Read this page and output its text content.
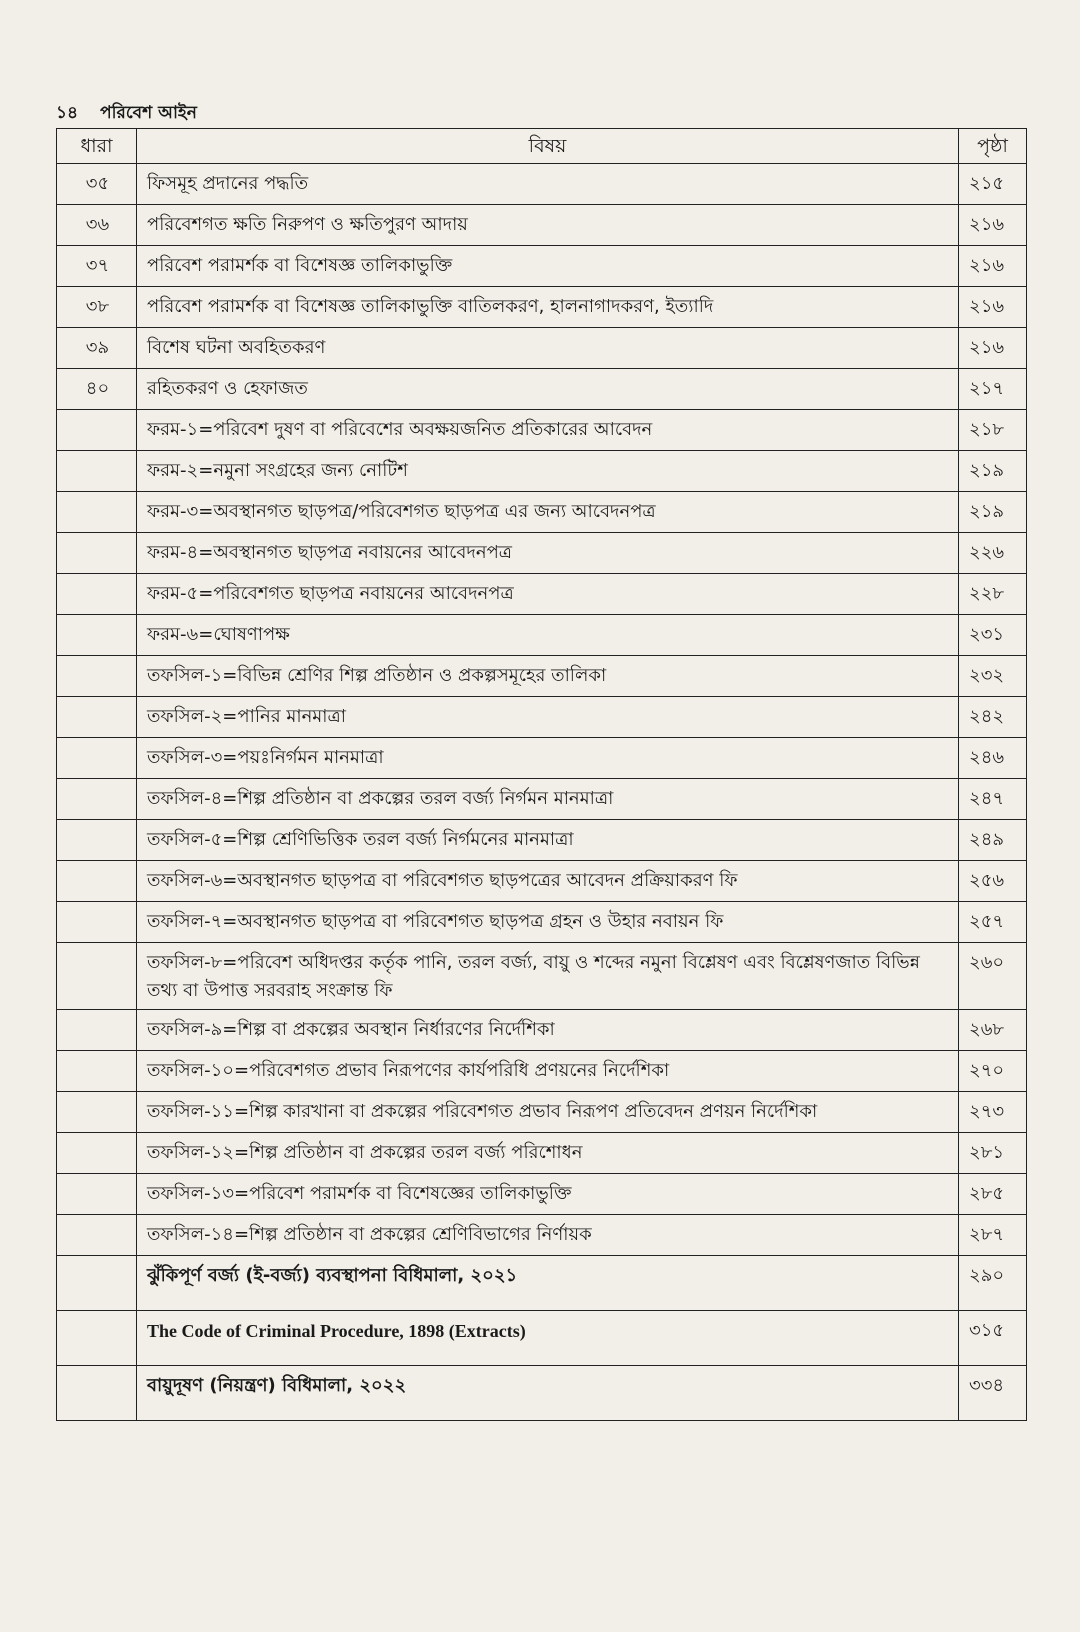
১৪ পরিবেশ আইন
ধারা	বিষয়	পৃষ্ঠা
৩৫	ফিসমূহ প্রদানের পদ্ধতি	২১৫
৩৬	পরিবেশগত ক্ষতি নিরুপণ ও ক্ষতিপুরণ আদায়	২১৬
৩৭	পরিবেশ পরামর্শক বা বিশেষজ্ঞ তালিকাভুক্তি	২১৬
৩৮	পরিবেশ পরামর্শক বা বিশেষজ্ঞ তালিকাভুক্তি বাতিলকরণ, হালনাগাদকরণ, ইত্যাদি	২১৬
৩৯	বিশেষ ঘটনা অবহিতকরণ	২১৬
৪০	রহিতকরণ ও হেফাজত	২১৭
	ফরম-১=পরিবেশ দুষণ বা পরিবেশের অবক্ষয়জনিত প্রতিকারের আবেদন	২১৮
	ফরম-২=নমুনা সংগ্রহের জন্য নোটিশ	২১৯
	ফরম-৩=অবস্থানগত ছাড়পত্র/পরিবেশগত ছাড়পত্র এর জন্য আবেদনপত্র	২১৯
	ফরম-৪=অবস্থানগত ছাড়পত্র নবায়নের আবেদনপত্র	২২৬
	ফরম-৫=পরিবেশগত ছাড়পত্র নবায়নের আবেদনপত্র	২২৮
	ফরম-৬=ঘোষণাপক্ষ	২৩১
	তফসিল-১=বিভিন্ন শ্রেণির শিল্প প্রতিষ্ঠান ও প্রকল্পসমূহের তালিকা	২৩২
	তফসিল-২=পানির মানমাত্রা	২৪২
	তফসিল-৩=পয়ঃনির্গমন মানমাত্রা	২৪৬
	তফসিল-৪=শিল্প প্রতিষ্ঠান বা প্রকল্পের তরল বর্জ্য নির্গমন মানমাত্রা	২৪৭
	তফসিল-৫=শিল্প শ্রেণিভিত্তিক তরল বর্জ্য নির্গমনের মানমাত্রা	২৪৯
	তফসিল-৬=অবস্থানগত ছাড়পত্র বা পরিবেশগত ছাড়পত্রের আবেদন প্রক্রিয়াকরণ ফি	২৫৬
	তফসিল-৭=অবস্থানগত ছাড়পত্র বা পরিবেশগত ছাড়পত্র গ্রহন ও উহার নবায়ন ফি	২৫৭
	তফসিল-৮=পরিবেশ অধিদপ্তর কর্তৃক পানি, তরল বর্জ্য, বায়ু ও শব্দের নমুনা বিশ্লেষণ এবং বিশ্লেষণজাত বিভিন্ন তথ্য বা উপাত্ত সরবরাহ সংক্রান্ত ফি	২৬০
	তফসিল-৯=শিল্প বা প্রকল্পের অবস্থান নির্ধারণের নির্দেশিকা	২৬৮
	তফসিল-১০=পরিবেশগত প্রভাব নিরূপণের কার্যপরিধি প্রণয়নের নির্দেশিকা	২৭০
	তফসিল-১১=শিল্প কারখানা বা প্রকল্পের পরিবেশগত প্রভাব নিরূপণ প্রতিবেদন প্রণয়ন নির্দেশিকা	২৭৩
	তফসিল-১২=শিল্প প্রতিষ্ঠান বা প্রকল্পের তরল বর্জ্য পরিশোধন	২৮১
	তফসিল-১৩=পরিবেশ পরামর্শক বা বিশেষজ্ঞের তালিকাভুক্তি	২৮৫
	তফসিল-১৪=শিল্প প্রতিষ্ঠান বা প্রকল্পের শ্রেণিবিভাগের নির্ণায়ক	২৮৭
	ঝুঁকিপূর্ণ বর্জ্য (ই-বর্জ্য) ব্যবস্থাপনা বিধিমালা, ২০২১	২৯০
	The Code of Criminal Procedure, 1898 (Extracts)	৩১৫
	বায়ুদূষণ (নিয়ন্ত্রণ) বিধিমালা, ২০২২	৩৩৪
